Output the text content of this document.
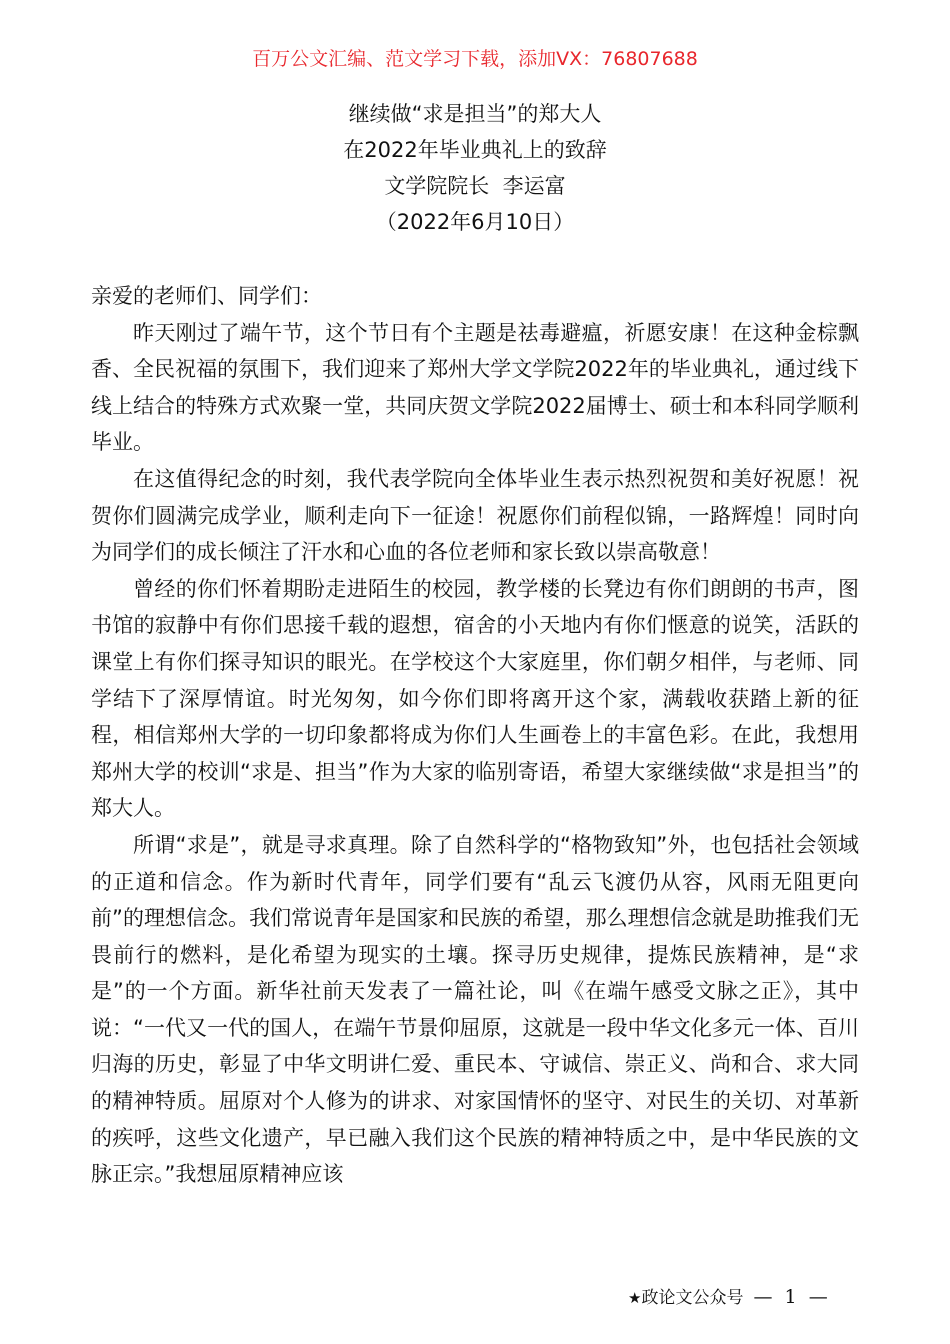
百万公文汇编、范文学习下载，添加VX：76807688
继续做“求是担当”的郑大人
在2022年毕业典礼上的致辞
文学院院长  李运富
（2022年6月10日）

亲爱的老师们、同学们：

昨天刚过了端午节，这个节日有个主题是祛毒避瘟，祈愿安康！在这种金棕飘香、全民祝福的氛围下，我们迎来了郑州大学文学院2022年的毕业典礼，通过线下线上结合的特殊方式欢聚一堂，共同庆贺文学院2022届博士、硕士和本科同学顺利毕业。

在这值得纪念的时刻，我代表学院向全体毕业生表示热烈祝贺和美好祝愿！祝贺你们圆满完成学业，顺利走向下一征途！祝愿你们前程似锦，一路辉煌！同时向为同学们的成长倾注了汗水和心血的各位老师和家长致以崇高敬意！

曾经的你们怀着期盼走进陌生的校园，教学楼的长凳边有你们朗朗的书声，图书馆的寂静中有你们思接千载的遐想，宿舍的小天地内有你们惬意的说笑，活跃的课堂上有你们探寻知识的眼光。在学校这个大家庭里，你们朝夕相伴，与老师、同学结下了深厚情谊。时光匆匆，如今你们即将离开这个家，满载收获踏上新的征程，相信郑州大学的一切印象都将成为你们人生画卷上的丰富色彩。在此，我想用郑州大学的校训“求是、担当”作为大家的临别寄语，希望大家继续做“求是担当”的郑大人。

所谓“求是”，就是寻求真理。除了自然科学的“格物致知”外，也包括社会领域的正道和信念。作为新时代青年，同学们要有“乱云飞渡仍从容，风雨无阻更向前”的理想信念。我们常说青年是国家和民族的希望，那么理想信念就是助推我们无畏前行的燃料，是化希望为现实的土壤。探寻历史规律，提炼民族精神，是“求是”的一个方面。新华社前天发表了一篇社论，叫《在端午感受文脉之正》，其中说：“一代又一代的国人，在端午节景仰屈原，这就是一段中华文化多元一体、百川归海的历史，彰显了中华文明讲仁爱、重民本、守诚信、崇正义、尚和合、求大同的精神特质。屈原对个人修为的讲求、对家国情怀的坚守、对民生的关切、对革新的疾呼，这些文化遗产，早已融入我们这个民族的精神特质之中，是中华民族的文脉正宗。”我想屈原精神应该

★政论文公众号 — 1 —
